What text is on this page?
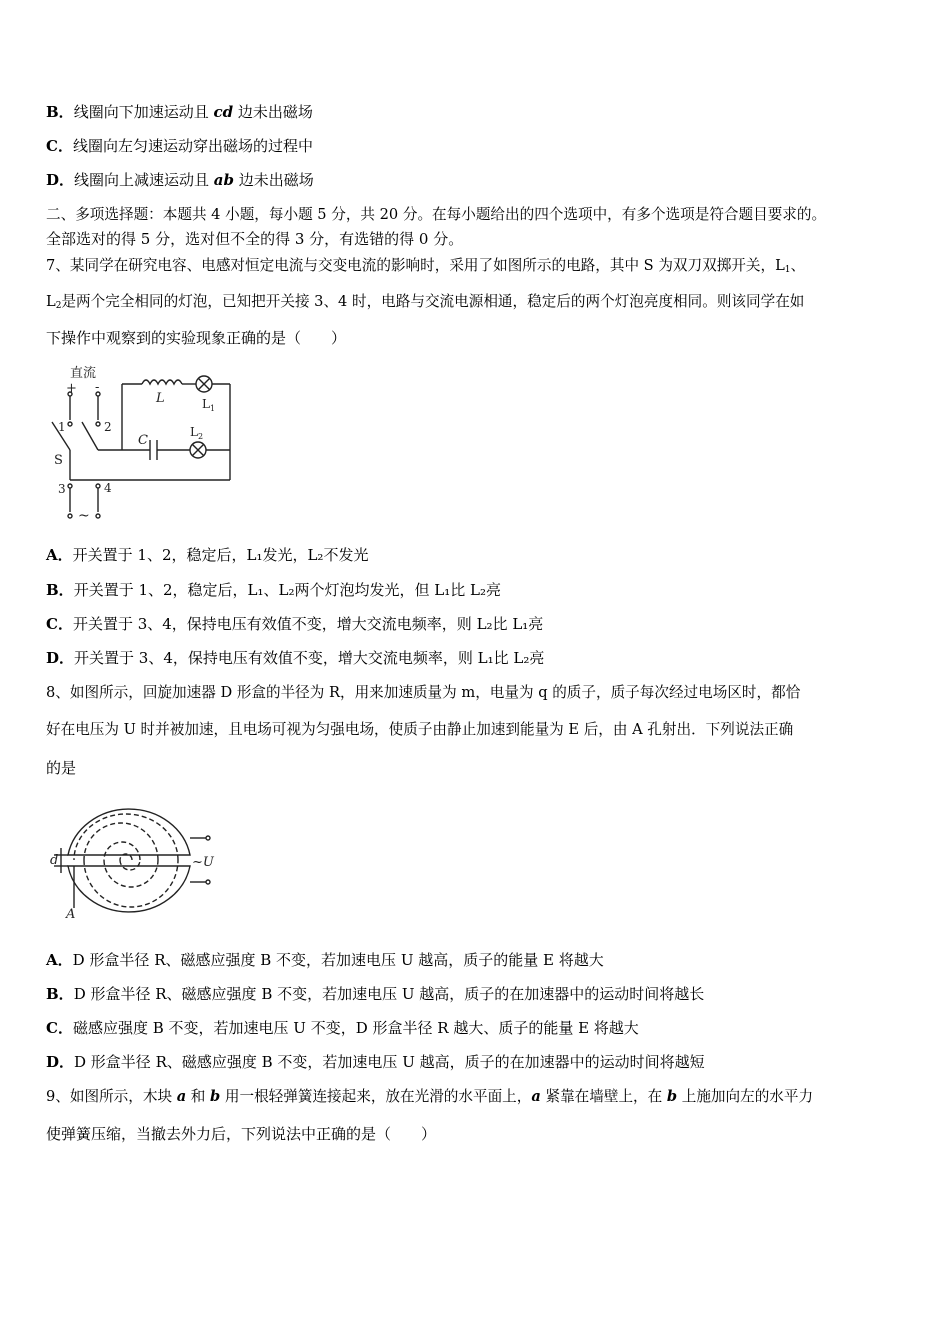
B．线圈向下加速运动且 cd 边未出磁场
C．线圈向左匀速运动穿出磁场的过程中
D．线圈向上减速运动且 ab 边未出磁场
二、多项选择题：本题共 4 小题，每小题 5 分，共 20 分。在每小题给出的四个选项中，有多个选项是符合题目要求的。
全部选对的得 5 分，选对但不全的得 3 分，有选错的得 0 分。
7、某同学在研究电容、电感对恒定电流与交变电流的影响时，采用了如图所示的电路，其中 S 为双刀双掷开关，$L_1$、
$L_2$是两个完全相同的灯泡，已知把开关接 3、4 时，电路与交流电源相通，稳定后的两个灯泡亮度相同。则该同学在如
下操作中观察到的实验现象正确的是（　　）
直流
+ -
1	2
S
3	4
~
L	$L_1$
C
$L_2$
A．开关置于 1、2，稳定后，L₁发光，L₂不发光
B．开关置于 1、2，稳定后，L₁、L₂两个灯泡均发光，但 L₁比 L₂亮
C．开关置于 3、4，保持电压有效值不变，增大交流电频率，则 L₂比 L₁亮
D．开关置于 3、4，保持电压有效值不变，增大交流电频率，则 L₁比 L₂亮
8、如图所示，回旋加速器 D 形盒的半径为 R，用来加速质量为 m，电量为 q 的质子，质子每次经过电场区时，都恰
好在电压为 U 时并被加速，且电场可视为匀强电场，使质子由静止加速到能量为 E 后，由 A 孔射出．下列说法正确
的是
d	~U
A
A．D 形盒半径 R、磁感应强度 B 不变，若加速电压 U 越高，质子的能量 E 将越大
B．D 形盒半径 R、磁感应强度 B 不变，若加速电压 U 越高，质子的在加速器中的运动时间将越长
C．磁感应强度 B 不变，若加速电压 U 不变，D 形盒半径 R 越大、质子的能量 E 将越大
D．D 形盒半径 R、磁感应强度 B 不变，若加速电压 U 越高，质子的在加速器中的运动时间将越短
9、如图所示，木块 a 和 b 用一根轻弹簧连接起来，放在光滑的水平面上，a 紧靠在墙壁上，在 b 上施加向左的水平力
使弹簧压缩，当撤去外力后，下列说法中正确的是（　　）
